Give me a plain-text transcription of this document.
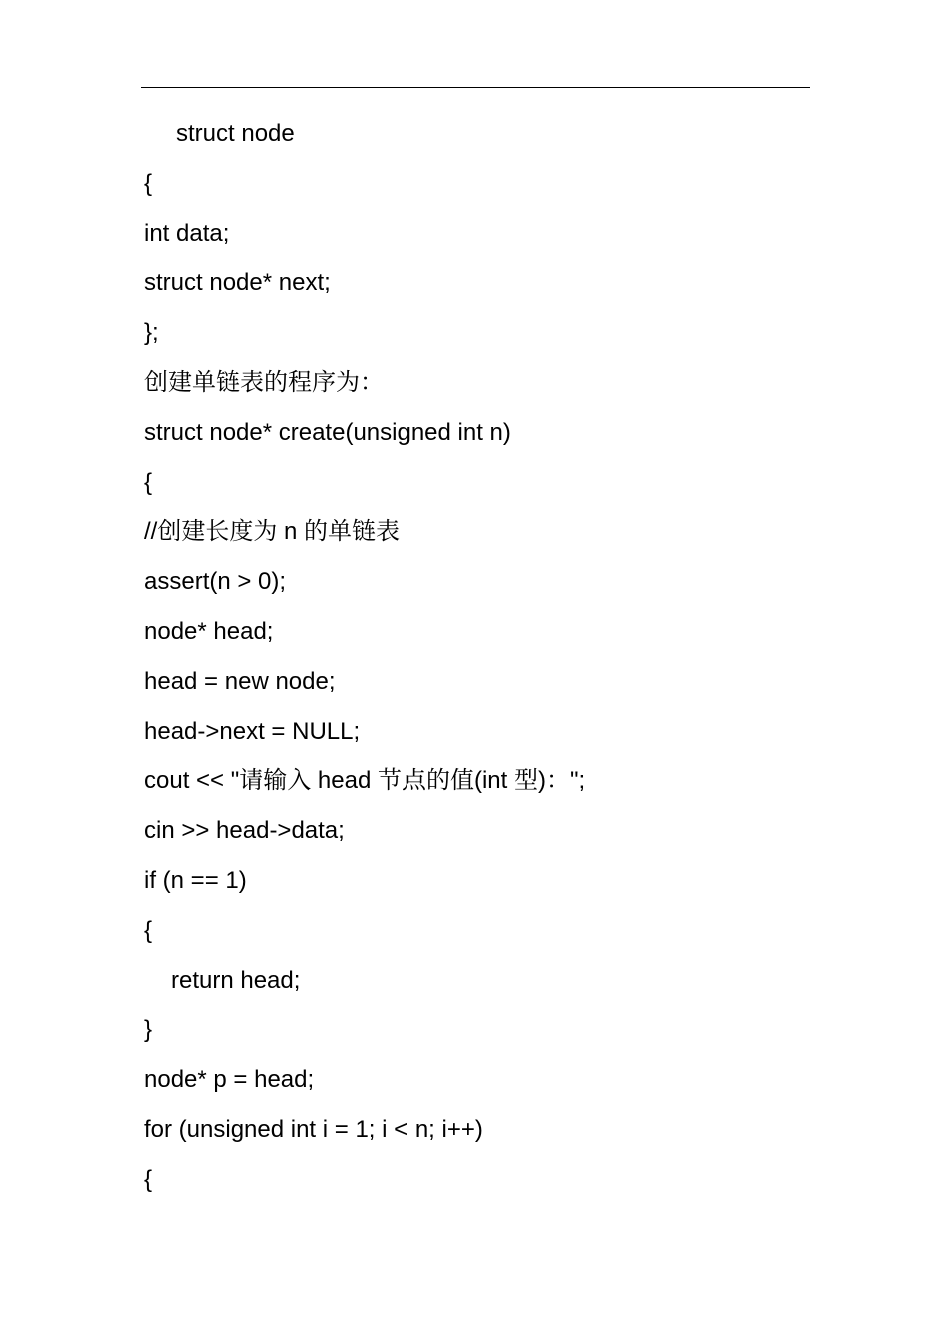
struct node
{
int data;
struct node* next;
};
创建单链表的程序为：
struct node* create(unsigned int n)
{
//创建长度为 n 的单链表
assert(n > 0);
node* head;
head = new node;
head->next = NULL;
cout << "请输入 head 节点的值(int 型)：";
cin >> head->data;
if (n == 1)
{
return head;
}
node* p = head;
for (unsigned int i = 1; i < n; i++)
{
